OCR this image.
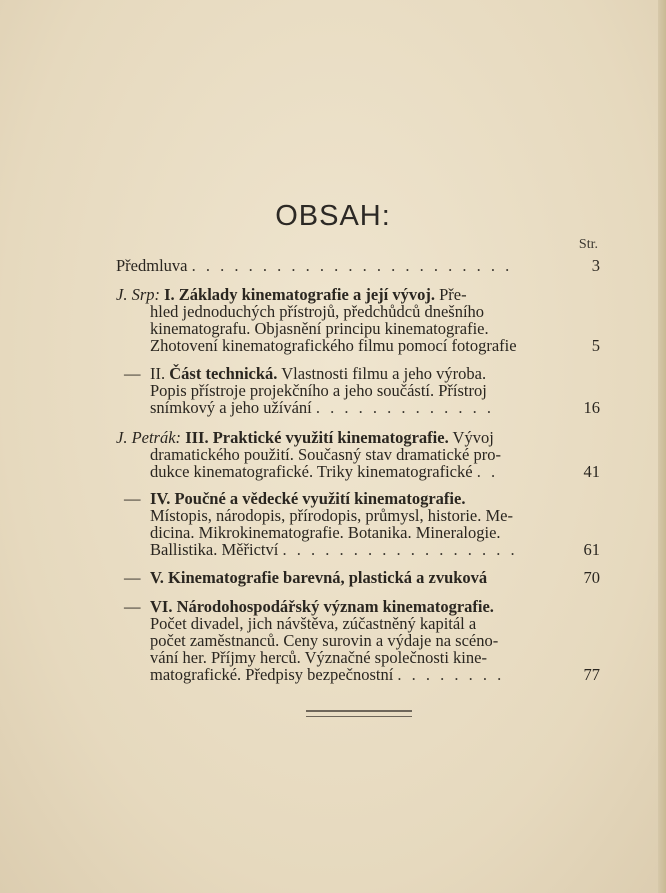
OBSAH:
Str.
Předmluva . . . . . . . . . . . . . . . . . . . . . . .	3
J. Srp: I. Základy kinematografie a její vývoj. Pře-
hled jednoduchých přístrojů, předchůdců dnešního
kinematografu. Objasnění principu kinematografie.
Zhotovení kinematografického filmu pomocí fotografie	5
— II. Část technická. Vlastnosti filmu a jeho výroba.
Popis přístroje projekčního a jeho součástí. Přístroj
snímkový a jeho užívání . . . . . . . . . . . . .	16
J. Petrák: III. Praktické využití kinematografie. Vývoj
dramatického použití. Současný stav dramatické pro-
dukce kinematografické. Triky kinematografické . .	41
— IV. Poučné a vědecké využití kinematografie.
Místopis, národopis, přírodopis, průmysl, historie. Me-
dicina. Mikrokinematografie. Botanika. Mineralogie.
Ballistika. Měřictví . . . . . . . . . . . . . . . . .	61
— V. Kinematografie barevná, plastická a zvuková	70
— VI. Národohospodářský význam kinematografie.
Počet divadel, jich návštěva, zúčastněný kapitál a
počet zaměstnanců. Ceny surovin a výdaje na scéno-
vání her. Příjmy herců. Význačné společnosti kine-
matografické. Předpisy bezpečnostní . . . . . . . .	77
